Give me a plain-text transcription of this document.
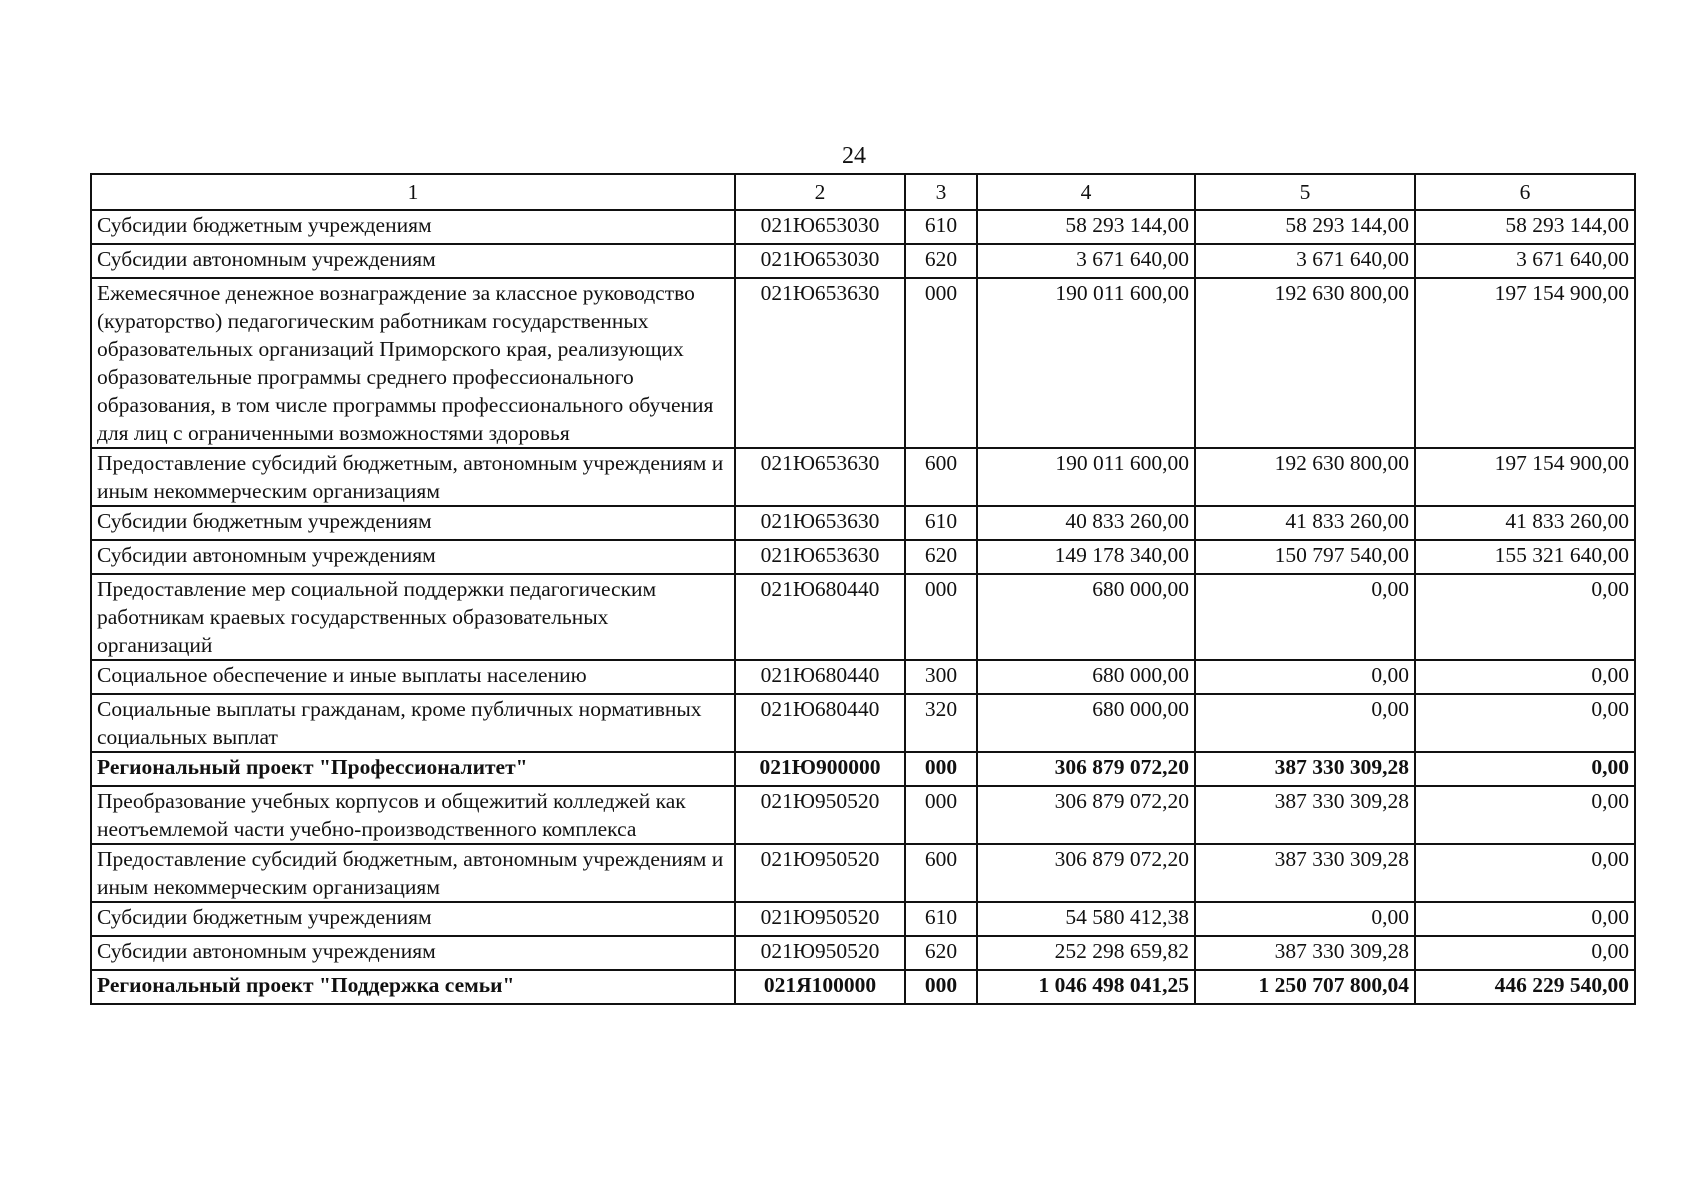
24
1	2	3	4	5	6
Субсидии бюджетным учреждениям	021Ю653030	610	58 293 144,00	58 293 144,00	58 293 144,00
Субсидии автономным учреждениям	021Ю653030	620	3 671 640,00	3 671 640,00	3 671 640,00
Ежемесячное денежное вознаграждение за классное руководство (кураторство) педагогическим работникам государственных образовательных организаций Приморского края, реализующих образовательные программы среднего профессионального образования, в том числе программы профессионального обучения для лиц с ограниченными возможностями здоровья	021Ю653630	000	190 011 600,00	192 630 800,00	197 154 900,00
Предоставление субсидий бюджетным, автономным учреждениям и иным некоммерческим организациям	021Ю653630	600	190 011 600,00	192 630 800,00	197 154 900,00
Субсидии бюджетным учреждениям	021Ю653630	610	40 833 260,00	41 833 260,00	41 833 260,00
Субсидии автономным учреждениям	021Ю653630	620	149 178 340,00	150 797 540,00	155 321 640,00
Предоставление мер социальной поддержки педагогическим работникам краевых государственных образовательных организаций	021Ю680440	000	680 000,00	0,00	0,00
Социальное обеспечение и иные выплаты населению	021Ю680440	300	680 000,00	0,00	0,00
Социальные выплаты гражданам, кроме публичных нормативных социальных выплат	021Ю680440	320	680 000,00	0,00	0,00
Региональный проект "Профессионалитет"	021Ю900000	000	306 879 072,20	387 330 309,28	0,00
Преобразование учебных корпусов и общежитий колледжей как неотъемлемой части учебно-производственного комплекса	021Ю950520	000	306 879 072,20	387 330 309,28	0,00
Предоставление субсидий бюджетным, автономным учреждениям и иным некоммерческим организациям	021Ю950520	600	306 879 072,20	387 330 309,28	0,00
Субсидии бюджетным учреждениям	021Ю950520	610	54 580 412,38	0,00	0,00
Субсидии автономным учреждениям	021Ю950520	620	252 298 659,82	387 330 309,28	0,00
Региональный проект "Поддержка семьи"	021Я100000	000	1 046 498 041,25	1 250 707 800,04	446 229 540,00
